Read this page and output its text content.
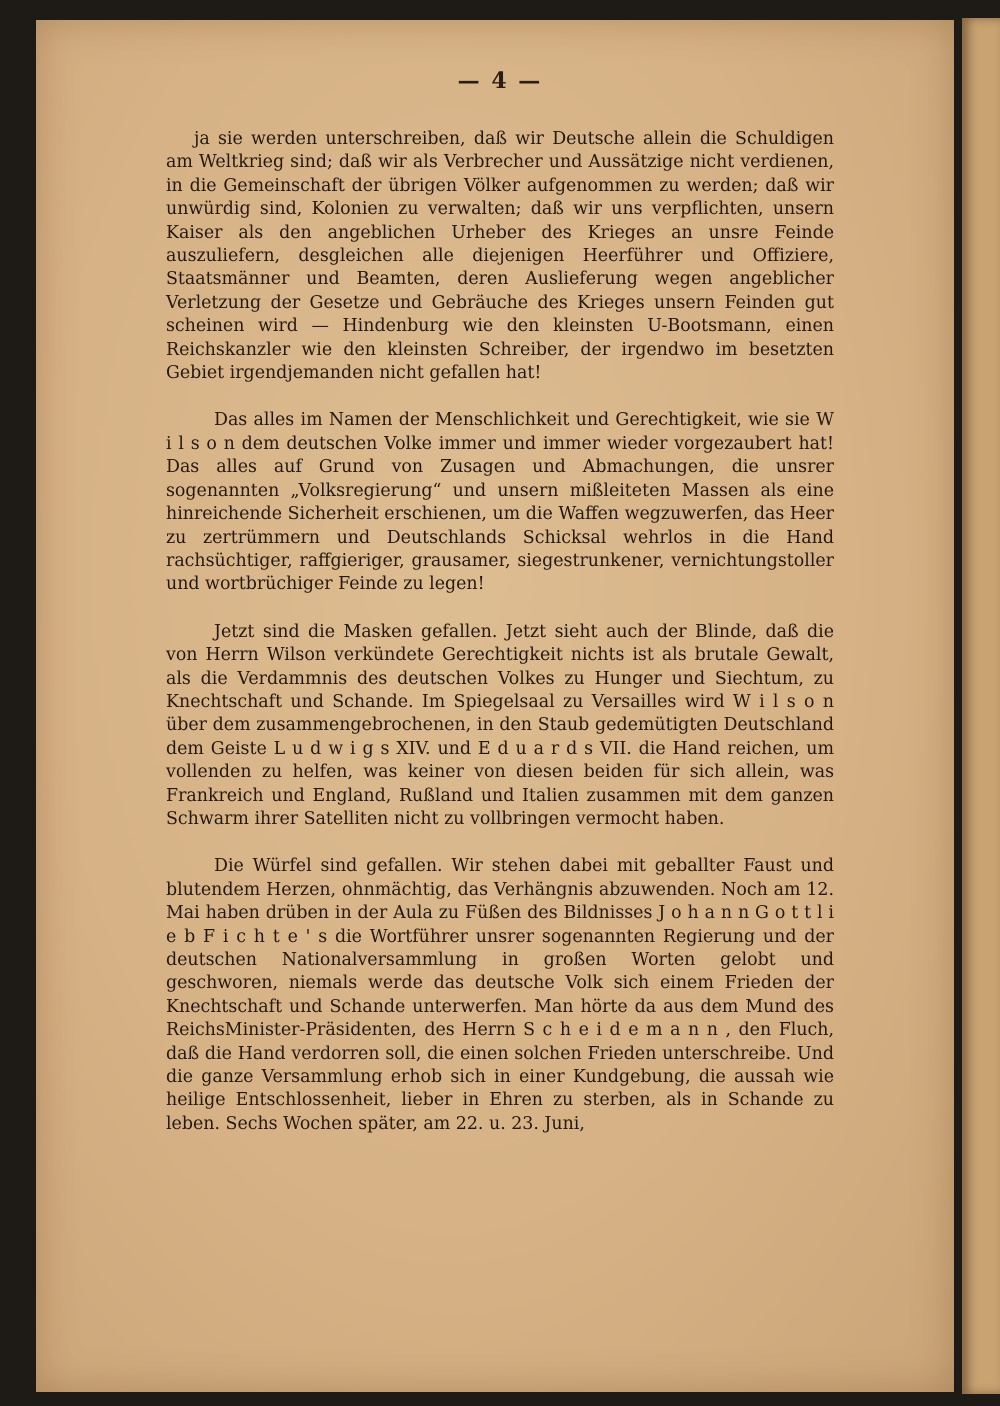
— 4 —

ja sie werden unterschreiben, daß wir Deutsche allein die Schuldigen am Weltkrieg sind; daß wir als Verbrecher und Aussätzige nicht verdienen, in die Gemeinschaft der übrigen Völker aufgenommen zu werden; daß wir unwürdig sind, Kolonien zu verwalten; daß wir uns verpflichten, unsern Kaiser als den angeblichen Urheber des Krieges an unsre Feinde auszuliefern, desgleichen alle diejenigen Heerführer und Offiziere, Staatsmänner und Beamten, deren Auslieferung wegen angeblicher Verletzung der Gesetze und Gebräuche des Krieges unsern Feinden gut scheinen wird — Hindenburg wie den kleinsten U-Bootsmann, einen Reichskanzler wie den kleinsten Schreiber, der irgendwo im besetzten Gebiet irgendjemanden nicht gefallen hat!

Das alles im Namen der Menschlichkeit und Gerechtigkeit, wie sie W i l s o n dem deutschen Volke immer und immer wieder vorgezaubert hat! Das alles auf Grund von Zusagen und Abmachungen, die unsrer sogenannten „Volksregierung“ und unsern mißleiteten Massen als eine hinreichende Sicherheit erschienen, um die Waffen wegzuwerfen, das Heer zu zertrümmern und Deutschlands Schicksal wehrlos in die Hand rachsüchtiger, raffgieriger, grausamer, siegestrunkener, vernichtungstoller und wortbrüchiger Feinde zu legen!

Jetzt sind die Masken gefallen. Jetzt sieht auch der Blinde, daß die von Herrn Wilson verkündete Gerechtigkeit nichts ist als brutale Gewalt, als die Verdammnis des deutschen Volkes zu Hunger und Siechtum, zu Knechtschaft und Schande. Im Spiegelsaal zu Versailles wird W i l s o n über dem zusammengebrochenen, in den Staub gedemütigten Deutschland dem Geiste L u d w i g s XIV. und E d u a r d s VII. die Hand reichen, um vollenden zu helfen, was keiner von diesen beiden für sich allein, was Frankreich und England, Rußland und Italien zusammen mit dem ganzen Schwarm ihrer Satelliten nicht zu vollbringen vermocht haben.

Die Würfel sind gefallen. Wir stehen dabei mit geballter Faust und blutendem Herzen, ohnmächtig, das Verhängnis abzuwenden. Noch am 12. Mai haben drüben in der Aula zu Füßen des Bildnisses J o h a n n G o t t l i e b F i c h t e ' s die Wortführer unsrer sogenannten Regierung und der deutschen Nationalversammlung in großen Worten gelobt und geschworen, niemals werde das deutsche Volk sich einem Frieden der Knechtschaft und Schande unterwerfen. Man hörte da aus dem Mund des ReichsMinister-Präsidenten, des Herrn S c h e i d e m a n n , den Fluch, daß die Hand verdorren soll, die einen solchen Frieden unterschreibe. Und die ganze Versammlung erhob sich in einer Kundgebung, die aussah wie heilige Entschlossenheit, lieber in Ehren zu sterben, als in Schande zu leben. Sechs Wochen später, am 22. u. 23. Juni,
